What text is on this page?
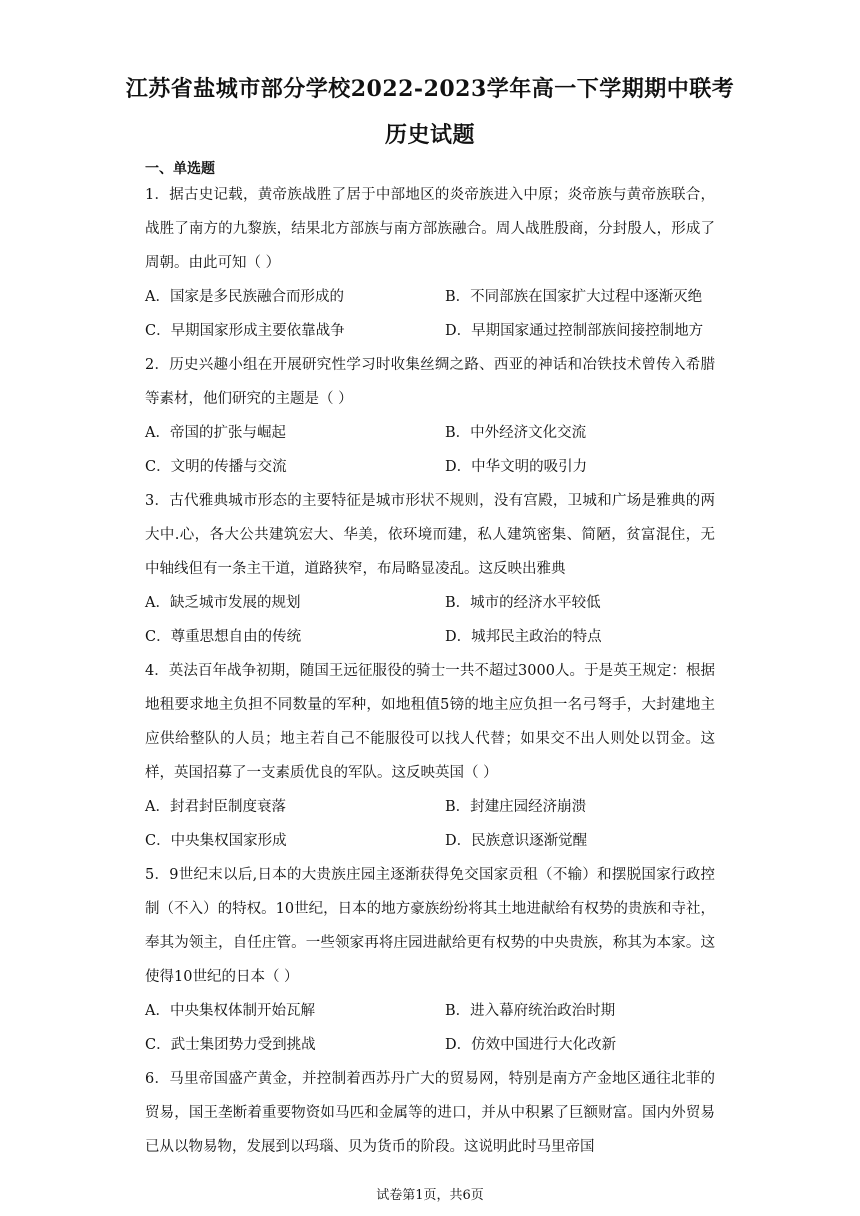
江苏省盐城市部分学校2022-2023学年高一下学期期中联考
历史试题
一、单选题

1．据古史记载，黄帝族战胜了居于中部地区的炎帝族进入中原；炎帝族与黄帝族联合，战胜了南方的九黎族，结果北方部族与南方部族融合。周人战胜殷商，分封殷人，形成了周朝。由此可知（ ）

A．国家是多民族融合而形成的	B．不同部族在国家扩大过程中逐渐灭绝
C．早期国家形成主要依靠战争	D．早期国家通过控制部族间接控制地方

2．历史兴趣小组在开展研究性学习时收集丝绸之路、西亚的神话和冶铁技术曾传入希腊等素材，他们研究的主题是（ ）

A．帝国的扩张与崛起	B．中外经济文化交流
C．文明的传播与交流	D．中华文明的吸引力

3．古代雅典城市形态的主要特征是城市形状不规则，没有宫殿，卫城和广场是雅典的两大中.心，各大公共建筑宏大、华美，依环境而建，私人建筑密集、简陋，贫富混住，无中轴线但有一条主干道，道路狭窄，布局略显凌乱。这反映出雅典

A．缺乏城市发展的规划	B．城市的经济水平较低
C．尊重思想自由的传统	D．城邦民主政治的特点

4．英法百年战争初期，随国王远征服役的骑士一共不超过3000人。于是英王规定：根据地租要求地主负担不同数量的军种，如地租值5镑的地主应负担一名弓弩手，大封建地主应供给整队的人员；地主若自己不能服役可以找人代替；如果交不出人则处以罚金。这样，英国招募了一支素质优良的军队。这反映英国（ ）

A．封君封臣制度衰落	B．封建庄园经济崩溃
C．中央集权国家形成	D．民族意识逐渐觉醒

5．9世纪末以后,日本的大贵族庄园主逐渐获得免交国家贡租（不输）和摆脱国家行政控制（不入）的特权。10世纪，日本的地方豪族纷纷将其土地进献给有权势的贵族和寺社，奉其为领主，自任庄管。一些领家再将庄园进献给更有权势的中央贵族，称其为本家。这使得10世纪的日本（ ）

A．中央集权体制开始瓦解	B．进入幕府统治政治时期
C．武士集团势力受到挑战	D．仿效中国进行大化改新

6．马里帝国盛产黄金，并控制着西苏丹广大的贸易网，特别是南方产金地区通往北菲的贸易，国王垄断着重要物资如马匹和金属等的进口，并从中积累了巨额财富。国内外贸易已从以物易物，发展到以玛瑙、贝为货币的阶段。这说明此时马里帝国

试卷第1页，共6页
